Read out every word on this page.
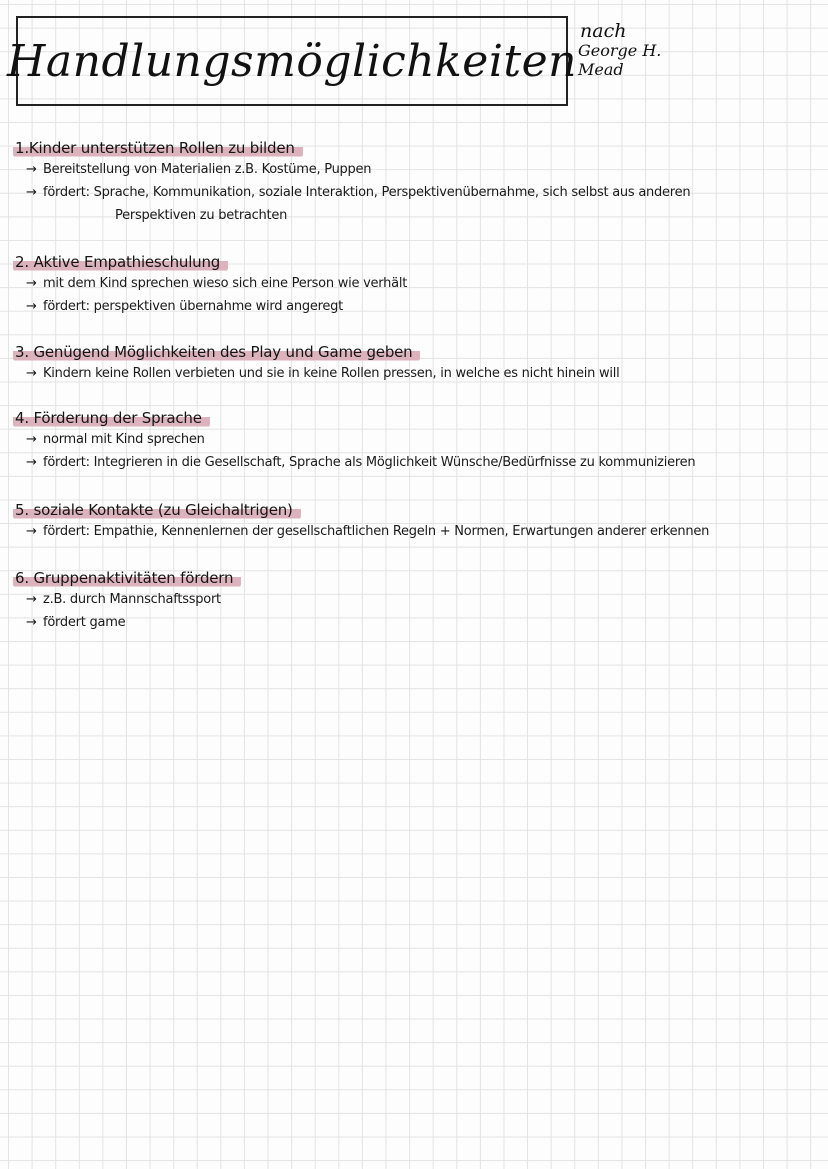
Handlungsmöglichkeiten
nach
George H.
Mead
1.Kinder unterstützen Rollen zu bilden
→ Bereitstellung von Materialien z.B. Kostüme, Puppen
→ fördert: Sprache, Kommunikation, soziale Interaktion, Perspektivenübernahme, sich selbst aus anderen
Perspektiven zu betrachten
2. Aktive Empathieschulung
→ mit dem Kind sprechen wieso sich eine Person wie verhält
→ fördert: perspektiven übernahme wird angeregt
3. Genügend Möglichkeiten des Play und Game geben
→ Kindern keine Rollen verbieten und sie in keine Rollen pressen, in welche es nicht hinein will
4. Förderung der Sprache
→ normal mit Kind sprechen
→ fördert: Integrieren in die Gesellschaft, Sprache als Möglichkeit Wünsche/Bedürfnisse zu kommunizieren
5. soziale Kontakte (zu Gleichaltrigen)
→ fördert: Empathie, Kennenlernen der gesellschaftlichen Regeln + Normen, Erwartungen anderer erkennen
6. Gruppenaktivitäten fördern
→ z.B. durch Mannschaftssport
→ fördert game
